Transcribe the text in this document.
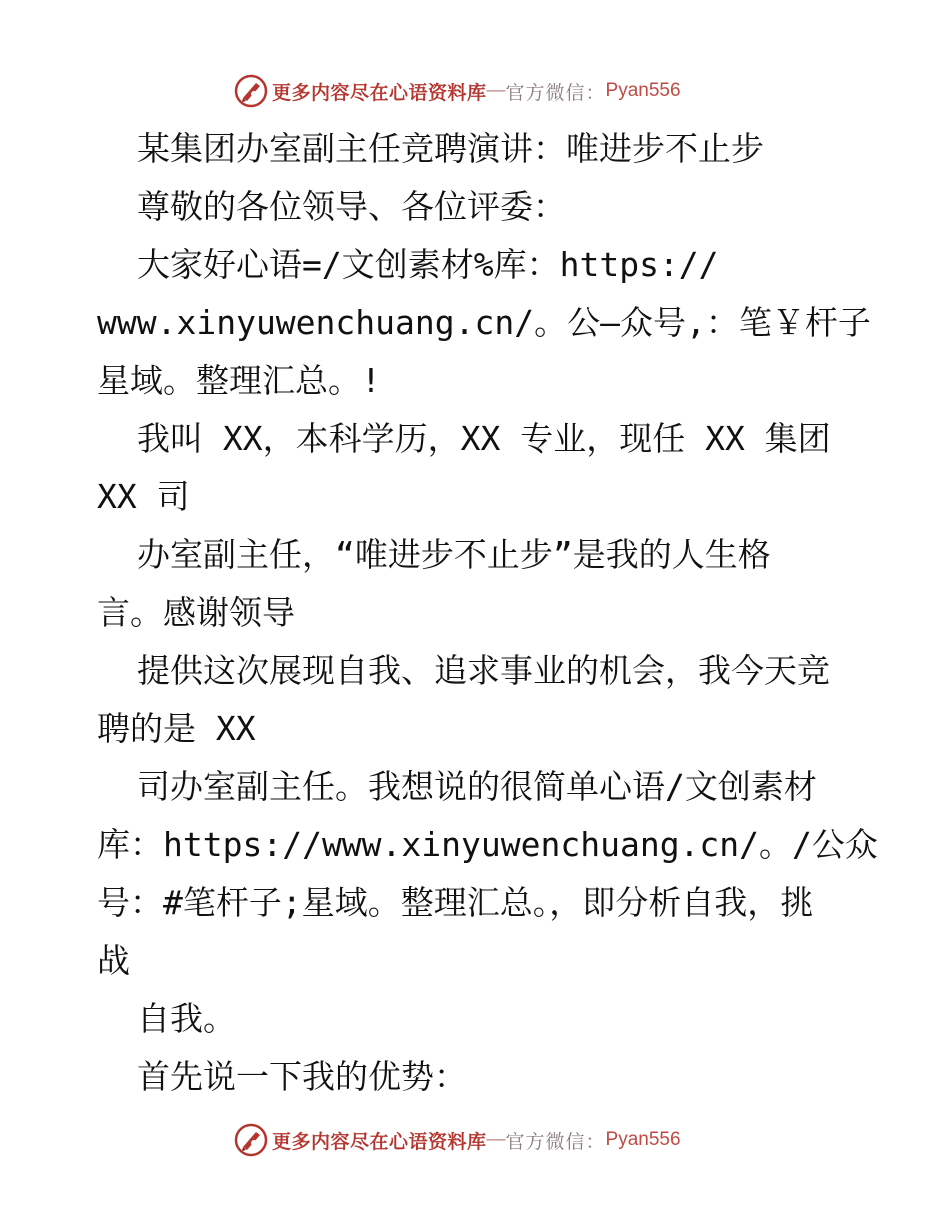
更多内容尽在心语资料库 — 官方微信： Pyan556
某集团办室副主任竞聘演讲：唯进步不止步
尊敬的各位领导、各位评委：
大家好心语=/文创素材%库：https://
www.xinyuwenchuang.cn/。公—众号,：笔￥杆子
星域。整理汇总。!
我叫 XX，本科学历，XX 专业，现任 XX 集团
XX 司
办室副主任，“唯进步不止步”是我的人生格
言。感谢领导
提供这次展现自我、追求事业的机会，我今天竞
聘的是 XX
司办室副主任。我想说的很简单心语/文创素材
库：https://www.xinyuwenchuang.cn/。/公众
号：#笔杆子;星域。整理汇总。，即分析自我，挑
战
自我。
首先说一下我的优势：
更多内容尽在心语资料库 — 官方微信： Pyan556
